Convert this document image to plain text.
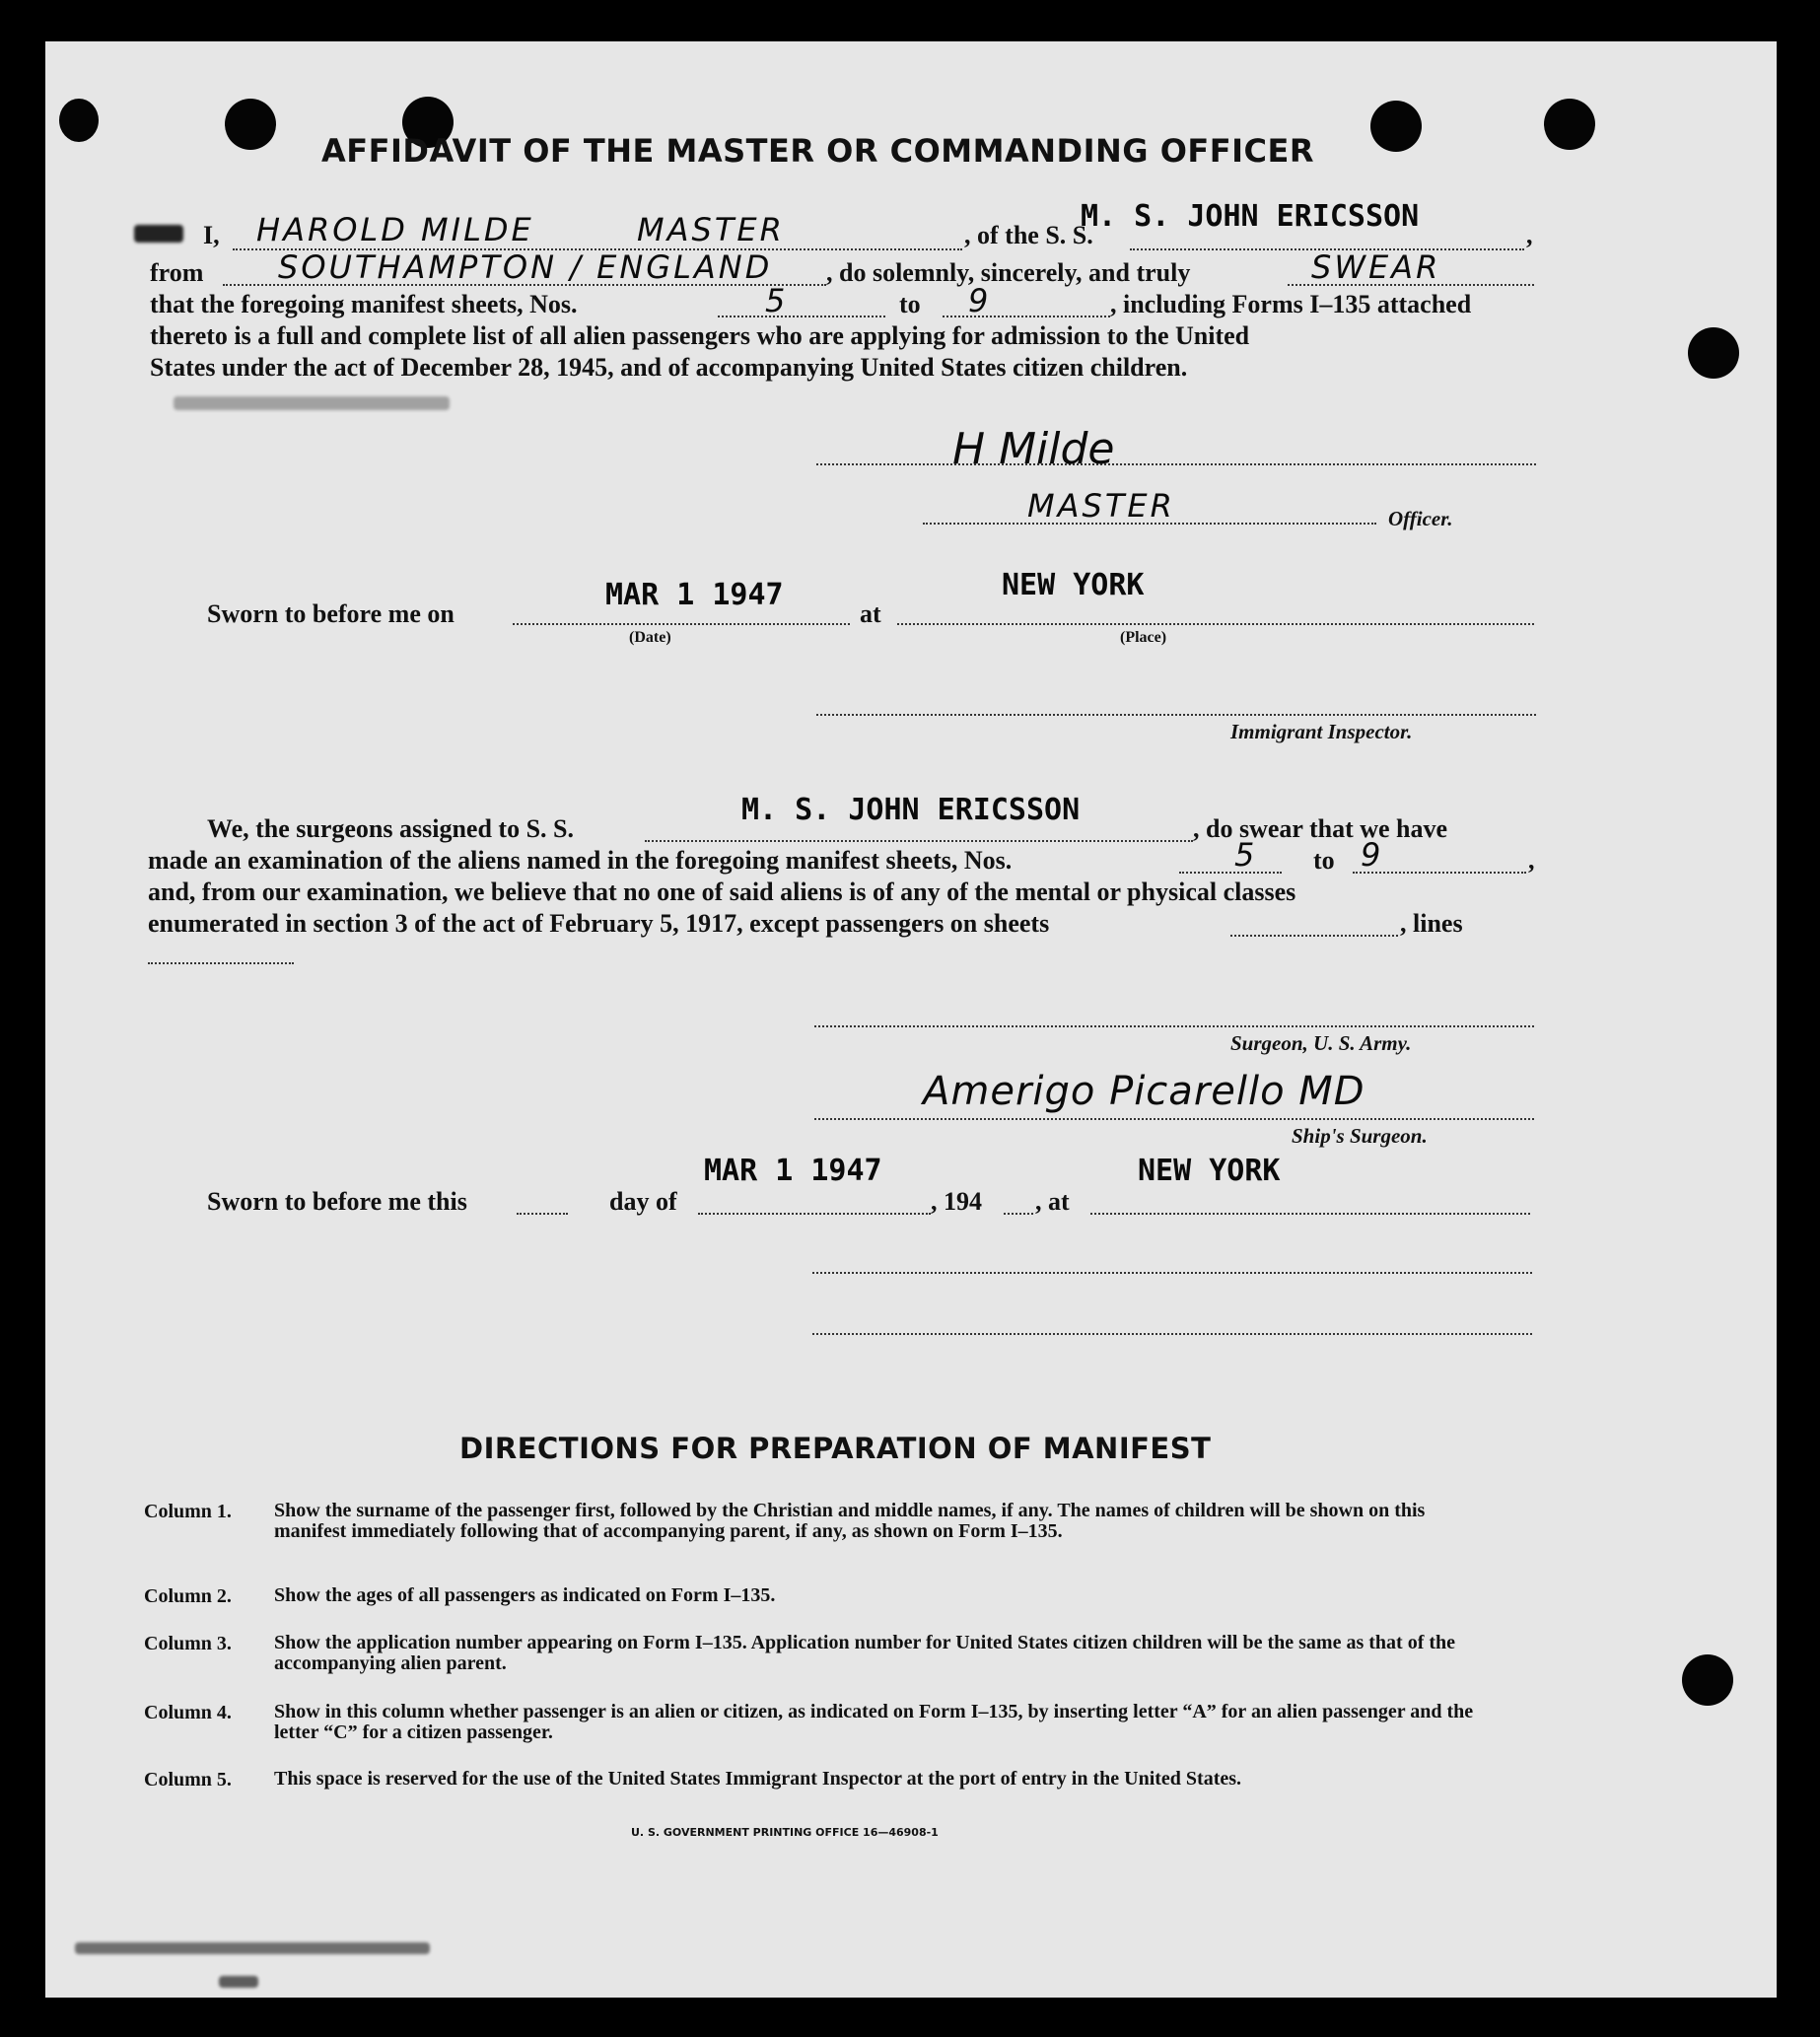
AFFIDAVIT OF THE MASTER OR COMMANDING OFFICER
I, HAROLD MILDE	MASTER	, of the S. S.
M. S. JOHN ERICSSON
,
from SOUTHAMPTON / ENGLAND , do solemnly, sincerely, and truly	SWEAR
that the foregoing manifest sheets, Nos.	5	to 9	, including Forms I–135 attached
thereto is a full and complete list of all alien passengers who are applying for admission to the United
States under the act of December 28, 1945, and of accompanying United States citizen children.
H Milde
MASTER	Officer.
Sworn to before me on
MAR 1 1947
(Date)
at
NEW YORK
(Place)
Immigrant Inspector.
We, the surgeons assigned to S. S.
M. S. JOHN ERICSSON
, do swear that we have
made an examination of the aliens named in the foregoing manifest sheets, Nos.	5 to 9	,
and, from our examination, we believe that no one of said aliens is of any of the mental or physical classes
enumerated in section 3 of the act of February 5, 1917, except passengers on sheets	, lines
Surgeon, U. S. Army.
Amerigo Picarello MD
Ship's Surgeon.
Sworn to before me this	day of
MAR 1 1947
, 194 , at
NEW YORK
DIRECTIONS FOR PREPARATION OF MANIFEST
Column 1. Show the surname of the passenger first, followed by the Christian and middle names, if any. The names of children will be shown on this manifest immediately following that of accompanying parent, if any, as shown on Form I–135.
Column 2. Show the ages of all passengers as indicated on Form I–135.
Column 3. Show the application number appearing on Form I–135. Application number for United States citizen children will be the same as that of the accompanying alien parent.
Column 4. Show in this column whether passenger is an alien or citizen, as indicated on Form I–135, by inserting letter “A” for an alien passenger and the letter “C” for a citizen passenger.
Column 5. This space is reserved for the use of the United States Immigrant Inspector at the port of entry in the United States.
U. S. GOVERNMENT PRINTING OFFICE 16—46908-1
